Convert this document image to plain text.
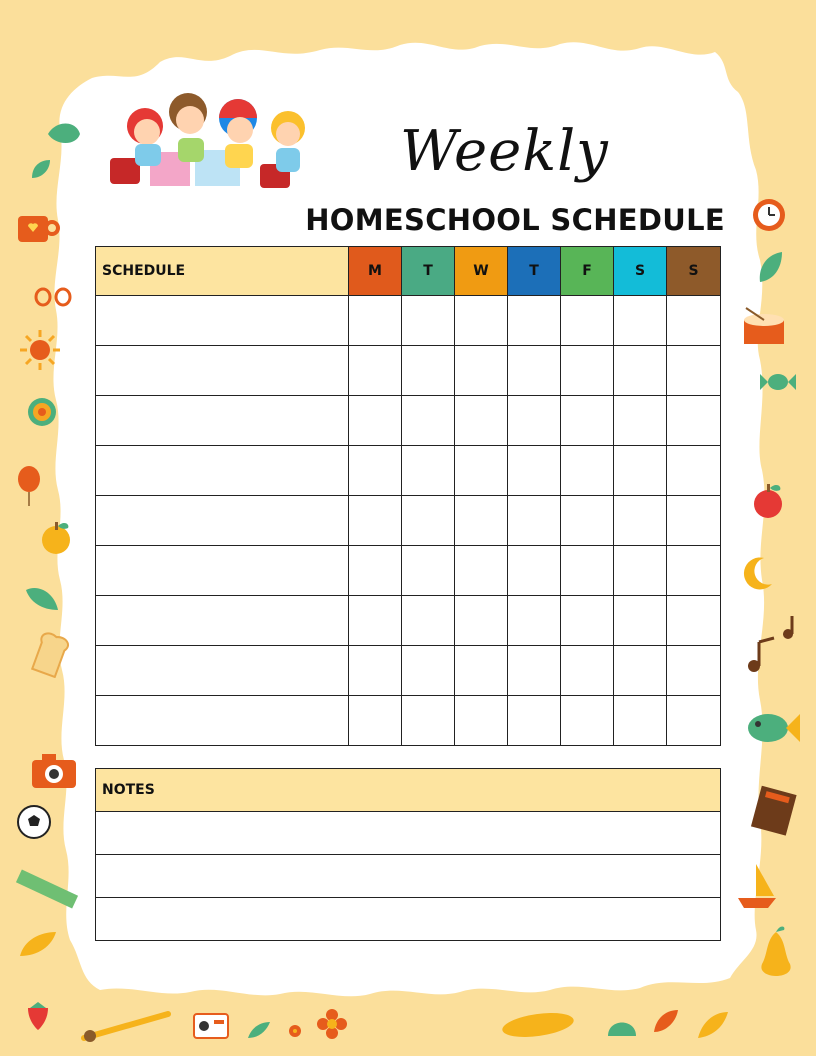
Weekly
HOMESCHOOL SCHEDULE
SCHEDULE	M	T	W	T	F	S	S

NOTES
